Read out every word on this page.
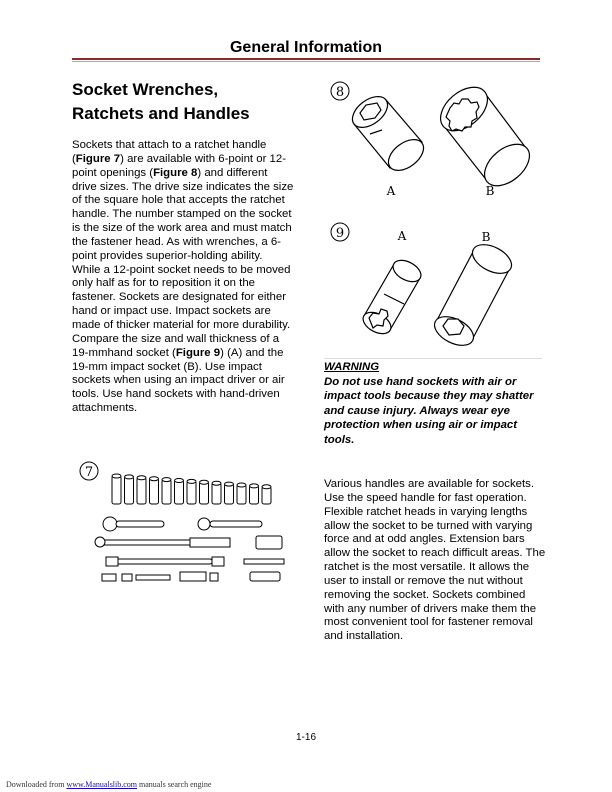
General Information
Socket Wrenches,
Ratchets and Handles
Sockets that attach to a ratchet handle (Figure 7) are available with 6-point or 12-point openings (Figure 8) and different drive sizes. The drive size indicates the size of the square hole that accepts the ratchet handle. The number stamped on the socket is the size of the work area and must match the fastener head. As with wrenches, a 6-point provides superior-holding ability. While a 12-point socket needs to be moved only half as for to reposition it on the fastener. Sockets are designated for either hand or impact use. Impact sockets are made of thicker material for more durability. Compare the size and wall thickness of a 19-mmhand socket (Figure 9) (A) and the 19-mm impact socket (B). Use impact sockets when using an impact driver or air tools. Use hand sockets with hand-driven attachments.
8
A	B
9	A	B
WARNING
Do not use hand sockets with air or impact tools because they may shatter and cause injury. Always wear eye protection when using air or impact tools.
7
Various handles are available for sockets. Use the speed handle for fast operation. Flexible ratchet heads in varying lengths allow the socket to be turned with varying force and at odd angles. Extension bars allow the socket to reach difficult areas. The ratchet is the most versatile. It allows the user to install or remove the nut without removing the socket. Sockets combined with any number of drivers make them the most convenient tool for fastener removal and installation.
1-16
Downloaded from www.Manualslib.com manuals search engine
